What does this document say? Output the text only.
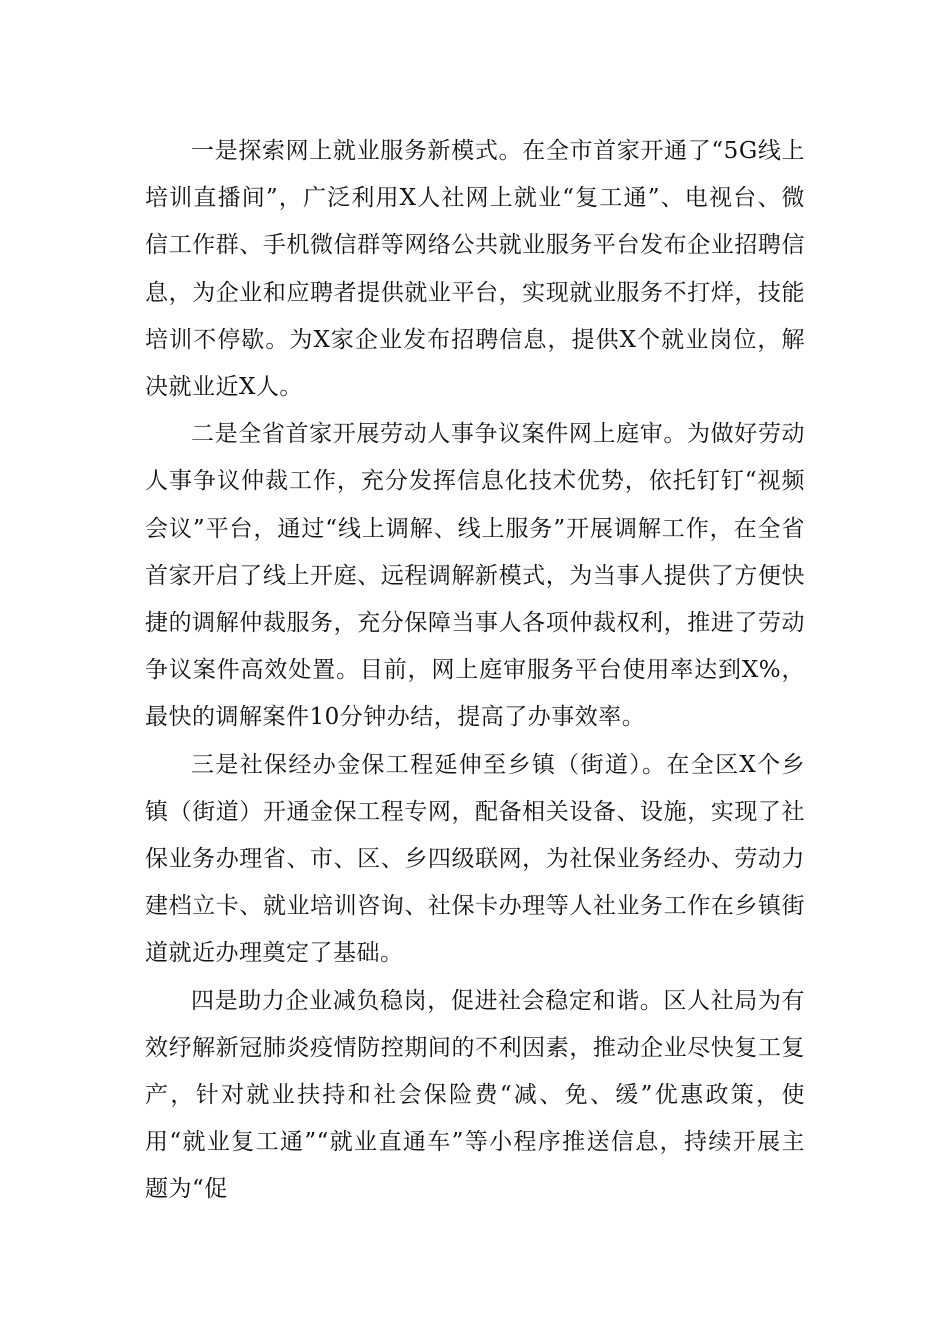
一是探索网上就业服务新模式。在全市首家开通了“5G线上培训直播间”，广泛利用X人社网上就业“复工通”、电视台、微信工作群、手机微信群等网络公共就业服务平台发布企业招聘信息，为企业和应聘者提供就业平台，实现就业服务不打烊，技能培训不停歇。为X家企业发布招聘信息，提供X个就业岗位，解决就业近X人。

二是全省首家开展劳动人事争议案件网上庭审。为做好劳动人事争议仲裁工作，充分发挥信息化技术优势，依托钉钉“视频会议”平台，通过“线上调解、线上服务”开展调解工作，在全省首家开启了线上开庭、远程调解新模式，为当事人提供了方便快捷的调解仲裁服务，充分保障当事人各项仲裁权利，推进了劳动争议案件高效处置。目前，网上庭审服务平台使用率达到X%，最快的调解案件10分钟办结，提高了办事效率。

三是社保经办金保工程延伸至乡镇（街道）。在全区X个乡镇（街道）开通金保工程专网，配备相关设备、设施，实现了社保业务办理省、市、区、乡四级联网，为社保业务经办、劳动力建档立卡、就业培训咨询、社保卡办理等人社业务工作在乡镇街道就近办理奠定了基础。

四是助力企业减负稳岗，促进社会稳定和谐。区人社局为有效纾解新冠肺炎疫情防控期间的不利因素，推动企业尽快复工复产，针对就业扶持和社会保险费“减、免、缓”优惠政策，使用“就业复工通”“就业直通车”等小程序推送信息，持续开展主题为“促
